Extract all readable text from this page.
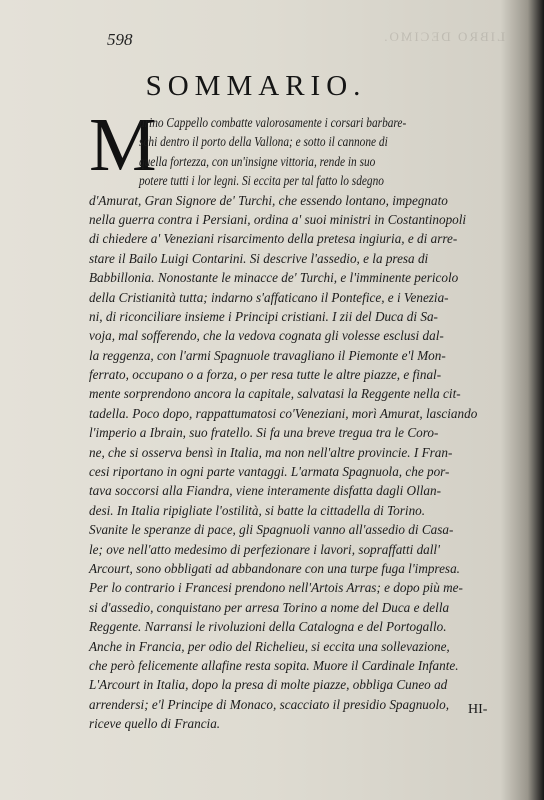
LIBRO DECIMO.
598
SOMMARIO.
M
arino Cappello combatte valorosamente i corsari barbare-
schi dentro il porto della Vallona; e sotto il cannone di
quella fortezza, con un'insigne vittoria, rende in suo
potere tutti i lor legni. Si eccita per tal fatto lo sdegno
d'Amurat, Gran Signore de' Turchi, che essendo lontano, impegnato
nella guerra contra i Persiani, ordina a' suoi ministri in Costantinopoli
di chiedere a' Veneziani risarcimento della pretesa ingiuria, e di arre-
stare il Bailo Luigi Contarini. Si descrive l'assedio, e la presa di
Babbillonia. Nonostante le minacce de' Turchi, e l'imminente pericolo
della Cristianità tutta; indarno s'affaticano il Pontefice, e i Venezia-
ni, di riconciliare insieme i Principi cristiani. I zii del Duca di Sa-
voja, mal sofferendo, che la vedova cognata gli volesse esclusi dal-
la reggenza, con l'armi Spagnuole travagliano il Piemonte e'l Mon-
ferrato, occupano o a forza, o per resa tutte le altre piazze, e final-
mente sorprendono ancora la capitale, salvatasi la Reggente nella cit-
tadella. Poco dopo, rappattumatosi co'Veneziani, morì Amurat, lasciando
l'imperio a Ibrain, suo fratello. Si fa una breve tregua tra le Coro-
ne, che si osserva bensì in Italia, ma non nell'altre provincie. I Fran-
cesi riportano in ogni parte vantaggi. L'armata Spagnuola, che por-
tava soccorsi alla Fiandra, viene interamente disfatta dagli Ollan-
desi. In Italia ripigliate l'ostilità, si batte la cittadella di Torino.
Svanite le speranze di pace, gli Spagnuoli vanno all'assedio di Casa-
le; ove nell'atto medesimo di perfezionare i lavori, sopraffatti dall'
Arcourt, sono obbligati ad abbandonare con una turpe fuga l'impresa.
Per lo contrario i Francesi prendono nell'Artois Arras; e dopo più me-
si d'assedio, conquistano per arresa Torino a nome del Duca e della
Reggente. Narransi le rivoluzioni della Catalogna e del Portogallo.
Anche in Francia, per odio del Richelieu, si eccita una sollevazione,
che però felicemente allafine resta sopita. Muore il Cardinale Infante.
L'Arcourt in Italia, dopo la presa di molte piazze, obbliga Cuneo ad
arrendersi; e'l Principe di Monaco, scacciato il presidio Spagnuolo,
riceve quello di Francia.
HI-
